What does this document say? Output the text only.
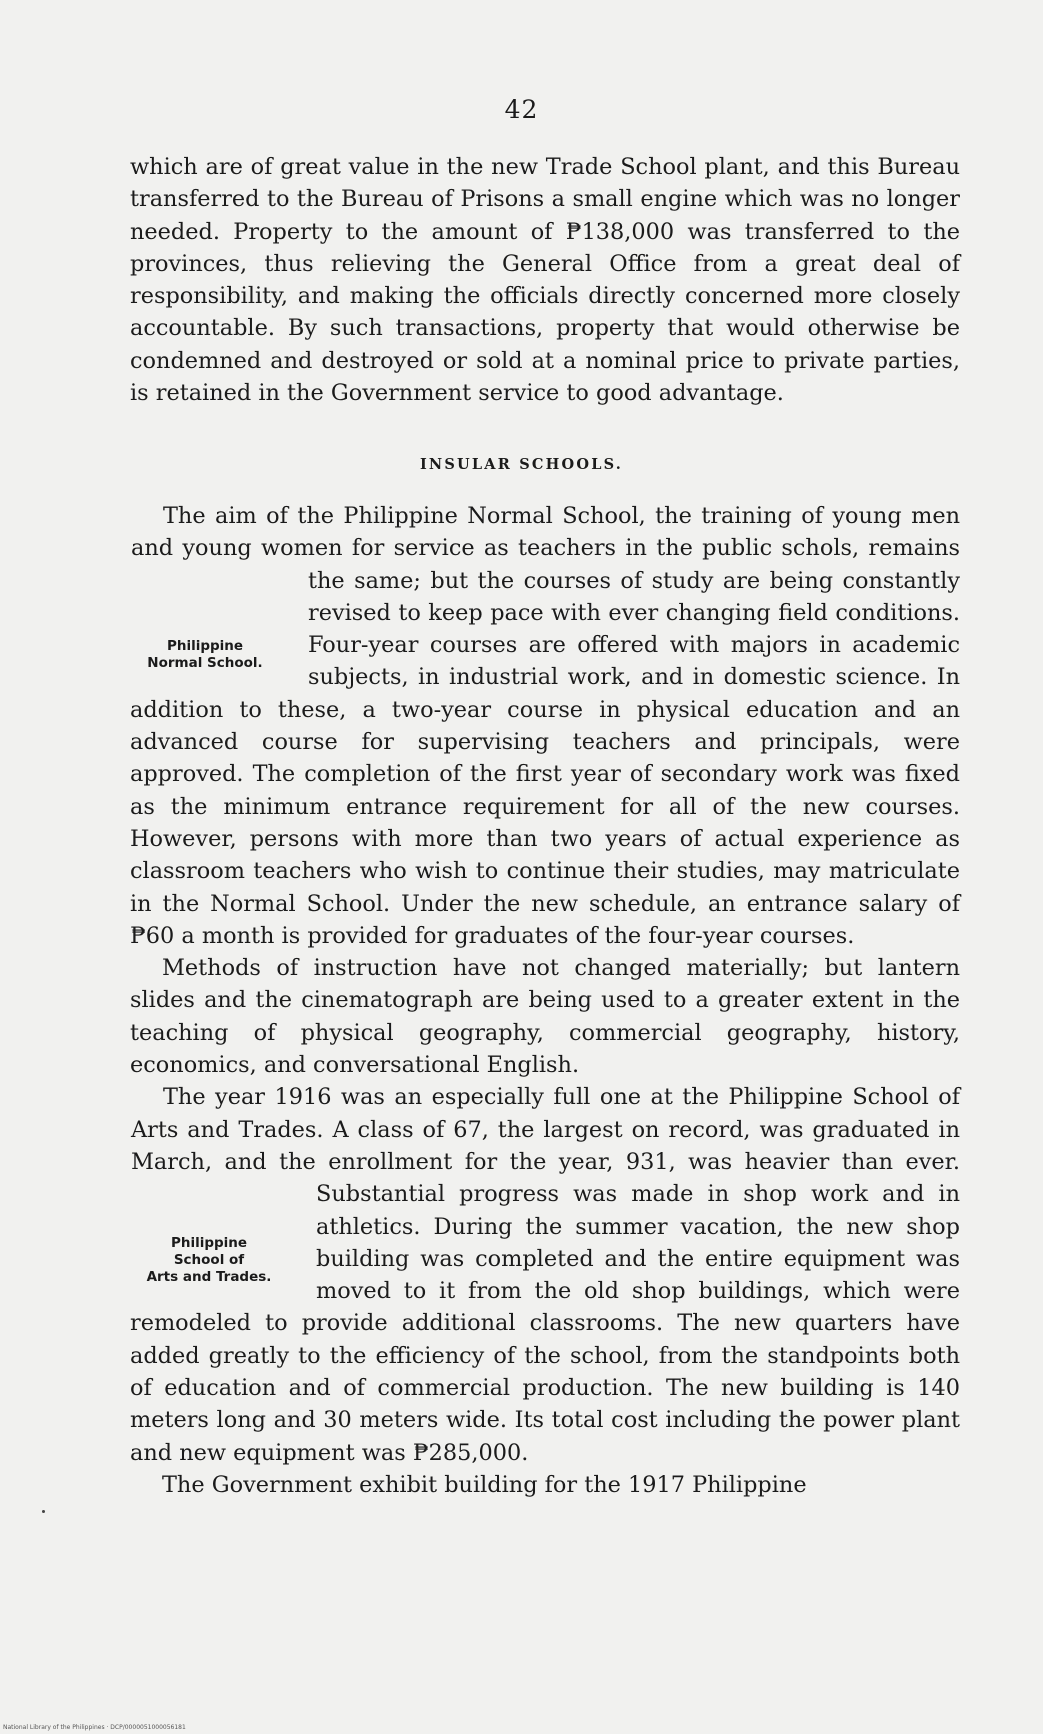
42

which are of great value in the new Trade School plant, and this Bureau transferred to the Bureau of Prisons a small engine which was no longer needed. Property to the amount of ₱138,000 was transferred to the provinces, thus relieving the General Office from a great deal of responsibility, and making the officials directly concerned more closely accountable. By such transactions, property that would otherwise be condemned and destroyed or sold at a nominal price to private parties, is retained in the Government service to good advantage.

INSULAR SCHOOLS.
Philippine
Normal School.

The aim of the Philippine Normal School, the training of young men and young women for service as teachers in the public schols, remains the same; but the courses of study are being constantly revised to keep pace with ever changing field conditions. Four-year courses are offered with majors in academic subjects, in industrial work, and in domestic science. In addition to these, a two-year course in physical education and an advanced course for supervising teachers and principals, were approved. The completion of the first year of secondary work was fixed as the minimum entrance requirement for all of the new courses. However, persons with more than two years of actual experience as classroom teachers who wish to continue their studies, may matriculate in the Normal School. Under the new schedule, an entrance salary of ₱60 a month is provided for graduates of the four-year courses.

Methods of instruction have not changed materially; but lantern slides and the cinematograph are being used to a greater extent in the teaching of physical geography, commercial geography, history, economics, and conversational English.

Philippine
School of
Arts and Trades.

The year 1916 was an especially full one at the Philippine School of Arts and Trades. A class of 67, the largest on record, was graduated in March, and the enrollment for the year, 931, was heavier than ever. Substantial progress was made in shop work and in athletics. During the summer vacation, the new shop building was completed and the entire equipment was moved to it from the old shop buildings, which were remodeled to provide additional classrooms. The new quarters have added greatly to the efficiency of the school, from the standpoints both of education and of commercial production. The new building is 140 meters long and 30 meters wide. Its total cost including the power plant and new equipment was ₱285,000.

The Government exhibit building for the 1917 Philippine

National Library of the Philippines · DCP/0000051000056181
